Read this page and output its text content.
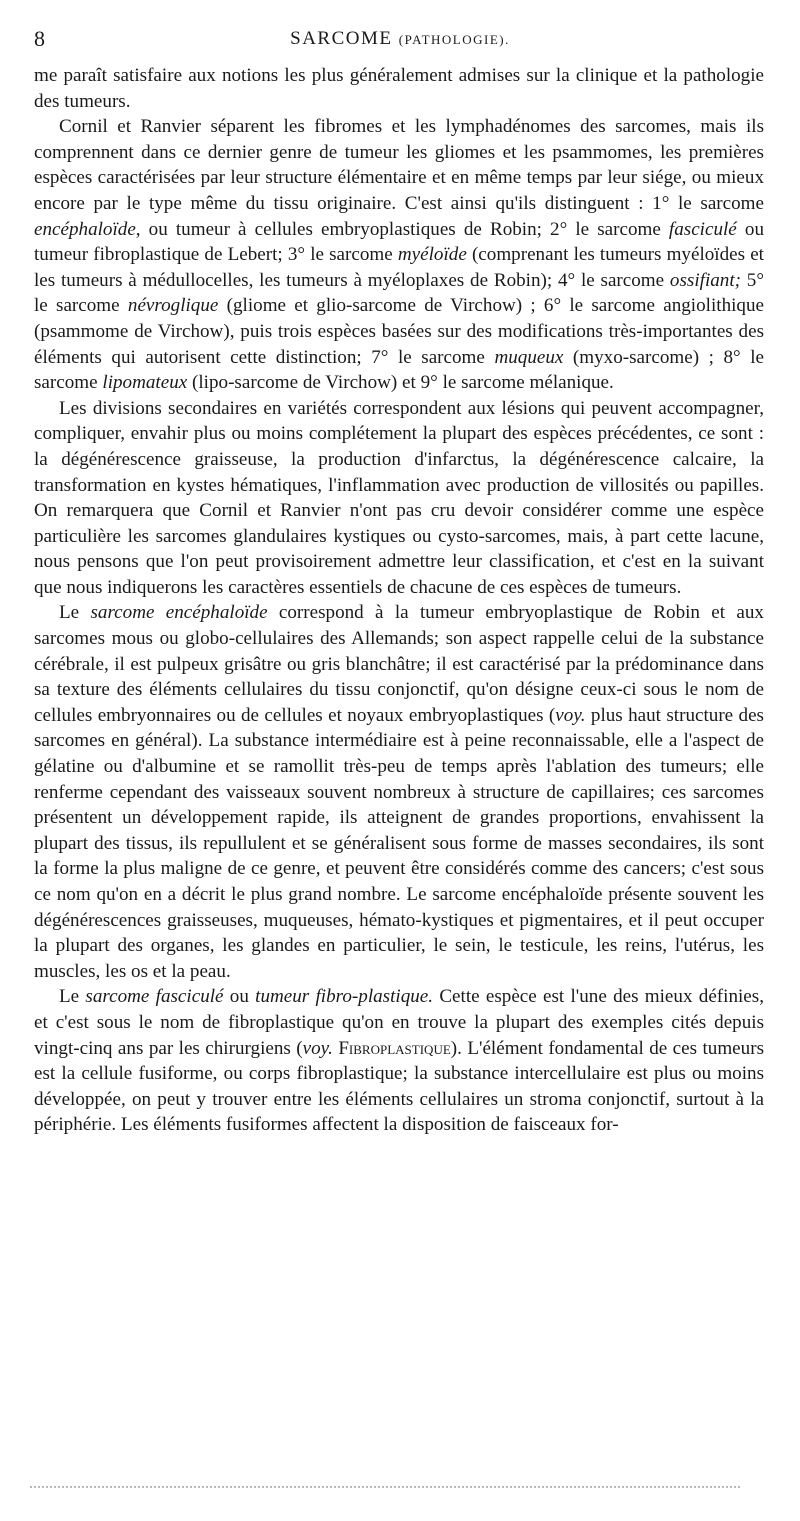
8	SARCOME (PATHOLOGIE).

me paraît satisfaire aux notions les plus généralement admises sur la clinique et la pathologie des tumeurs.

Cornil et Ranvier séparent les fibromes et les lymphadénomes des sarcomes, mais ils comprennent dans ce dernier genre de tumeur les gliomes et les psammomes, les premières espèces caractérisées par leur structure élémentaire et en même temps par leur siége, ou mieux encore par le type même du tissu originaire. C'est ainsi qu'ils distinguent : 1° le sarcome encéphaloïde, ou tumeur à cellules embryoplastiques de Robin; 2° le sarcome fasciculé ou tumeur fibroplastique de Lebert; 3° le sarcome myéloïde (comprenant les tumeurs myéloïdes et les tumeurs à médullocelles, les tumeurs à myéloplaxes de Robin); 4° le sarcome ossifiant; 5° le sarcome névroglique (gliome et glio-sarcome de Virchow) ; 6° le sarcome angiolithique (psammome de Virchow), puis trois espèces basées sur des modifications très-importantes des éléments qui autorisent cette distinction; 7° le sarcome muqueux (myxo-sarcome) ; 8° le sarcome lipomateux (lipo-sarcome de Virchow) et 9° le sarcome mélanique.

Les divisions secondaires en variétés correspondent aux lésions qui peuvent accompagner, compliquer, envahir plus ou moins complétement la plupart des espèces précédentes, ce sont : la dégénérescence graisseuse, la production d'infarctus, la dégénérescence calcaire, la transformation en kystes hématiques, l'inflammation avec production de villosités ou papilles. On remarquera que Cornil et Ranvier n'ont pas cru devoir considérer comme une espèce particulière les sarcomes glandulaires kystiques ou cysto-sarcomes, mais, à part cette lacune, nous pensons que l'on peut provisoirement admettre leur classification, et c'est en la suivant que nous indiquerons les caractères essentiels de chacune de ces espèces de tumeurs.

Le sarcome encéphaloïde correspond à la tumeur embryoplastique de Robin et aux sarcomes mous ou globo-cellulaires des Allemands; son aspect rappelle celui de la substance cérébrale, il est pulpeux grisâtre ou gris blanchâtre; il est caractérisé par la prédominance dans sa texture des éléments cellulaires du tissu conjonctif, qu'on désigne ceux-ci sous le nom de cellules embryonnaires ou de cellules et noyaux embryoplastiques (voy. plus haut structure des sarcomes en général). La substance intermédiaire est à peine reconnaissable, elle a l'aspect de gélatine ou d'albumine et se ramollit très-peu de temps après l'ablation des tumeurs; elle renferme cependant des vaisseaux souvent nombreux à structure de capillaires; ces sarcomes présentent un développement rapide, ils atteignent de grandes proportions, envahissent la plupart des tissus, ils repullulent et se généralisent sous forme de masses secondaires, ils sont la forme la plus maligne de ce genre, et peuvent être considérés comme des cancers; c'est sous ce nom qu'on en a décrit le plus grand nombre. Le sarcome encéphaloïde présente souvent les dégénérescences graisseuses, muqueuses, hémato-kystiques et pigmentaires, et il peut occuper la plupart des organes, les glandes en particulier, le sein, le testicule, les reins, l'utérus, les muscles, les os et la peau.

Le sarcome fasciculé ou tumeur fibro-plastique. Cette espèce est l'une des mieux définies, et c'est sous le nom de fibroplastique qu'on en trouve la plupart des exemples cités depuis vingt-cinq ans par les chirurgiens (voy. Fibroplastique). L'élément fondamental de ces tumeurs est la cellule fusiforme, ou corps fibroplastique; la substance intercellulaire est plus ou moins développée, on peut y trouver entre les éléments cellulaires un stroma conjonctif, surtout à la périphérie. Les éléments fusiformes affectent la disposition de faisceaux for-
